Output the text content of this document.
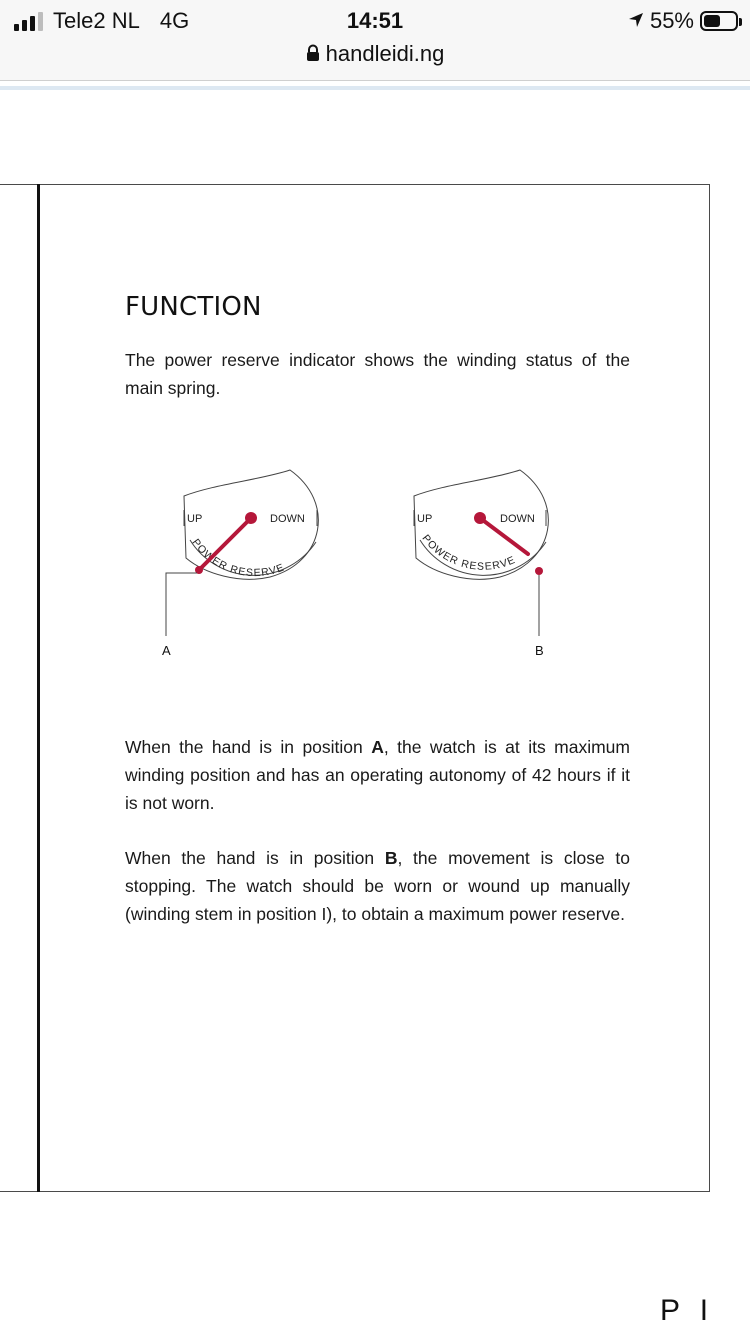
Tele2 NL 4G	14:51
handleidi.ng
55%
FUNCTION

The power reserve indicator shows the winding status of the main spring.

POWER RESERVE
UP	DOWN
A
POWER RESERVE
UP	DOWN
B

When the hand is in position A, the watch is at its maximum winding position and has an operating autonomy of 42 hours if it is not worn.

When the hand is in position B, the movement is close to stopping. The watch should be worn or wound up manually (winding stem in position I), to obtain a maximum power reserve.

P I
